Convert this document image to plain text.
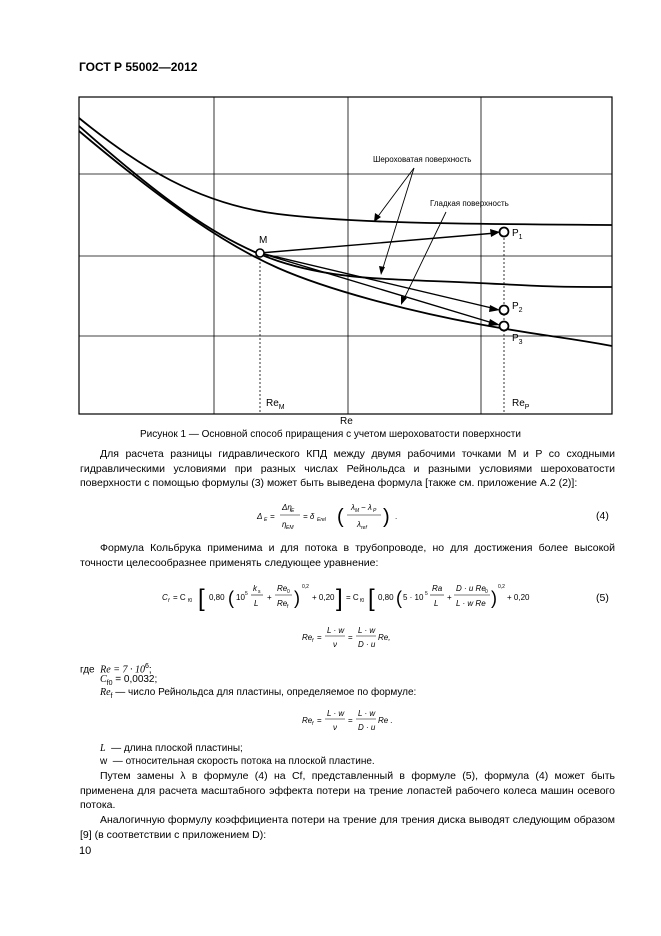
ГОСТ Р 55002—2012
Шероховатая поверхность
Гладкая поверхность
M
$P_1$
$P_2$
$P_3$
$Re_M$	$Re_P$
Re
Рисунок 1 — Основной способ приращения с учетом шероховатости поверхности
Для расчета разницы гидравлического КПД между двумя рабочими точками M и P со сходными гидравлическими условиями при разных числах Рейнольдса и разными условиями шероховатости поверхности с помощью формулы (3) может быть выведена формула [также см. приложение A.2 (2)]:
Δ E =
Δη E
η EM
= δ Erel ( λ M − λ P
λ ref ) .	(4)
Формула Кольбрука применима и для потока в трубопроводе, но для достижения более высокой точности целесообразнее применять следующее уравнение:
C f = C f0 [ 0,80 ( 10 5
k s
L
+
Re 0
Re f )
0,2
+ 0,20 ] = C f0 [ 0,80 ( 5 · 10 5
Ra
L
+
D · u Re 0
L · w Re )
0,2
+ 0,20	(5)
Re f =
L · w
ν
=
L · w
D · u
Re,
где $Re = 7 \cdot 10^6$;
$C_{f0} = 0,0032$;
$Re_f$ — число Рейнольдса для пластины, определяемое по формуле:
Re f =
L · w
ν
=
L · w
D · u
Re .
L — длина плоской пластины;
w — относительная скорость потока на плоской пластине.
Путем замены λ в формуле (4) на Cf, представленный в формуле (5), формула (4) может быть применена для расчета масштабного эффекта потери на трение лопастей рабочего колеса машин осевого потока.
Аналогичную формулу коэффициента потери на трение для трения диска выводят следующим образом [9] (в соответствии с приложением D):
10
